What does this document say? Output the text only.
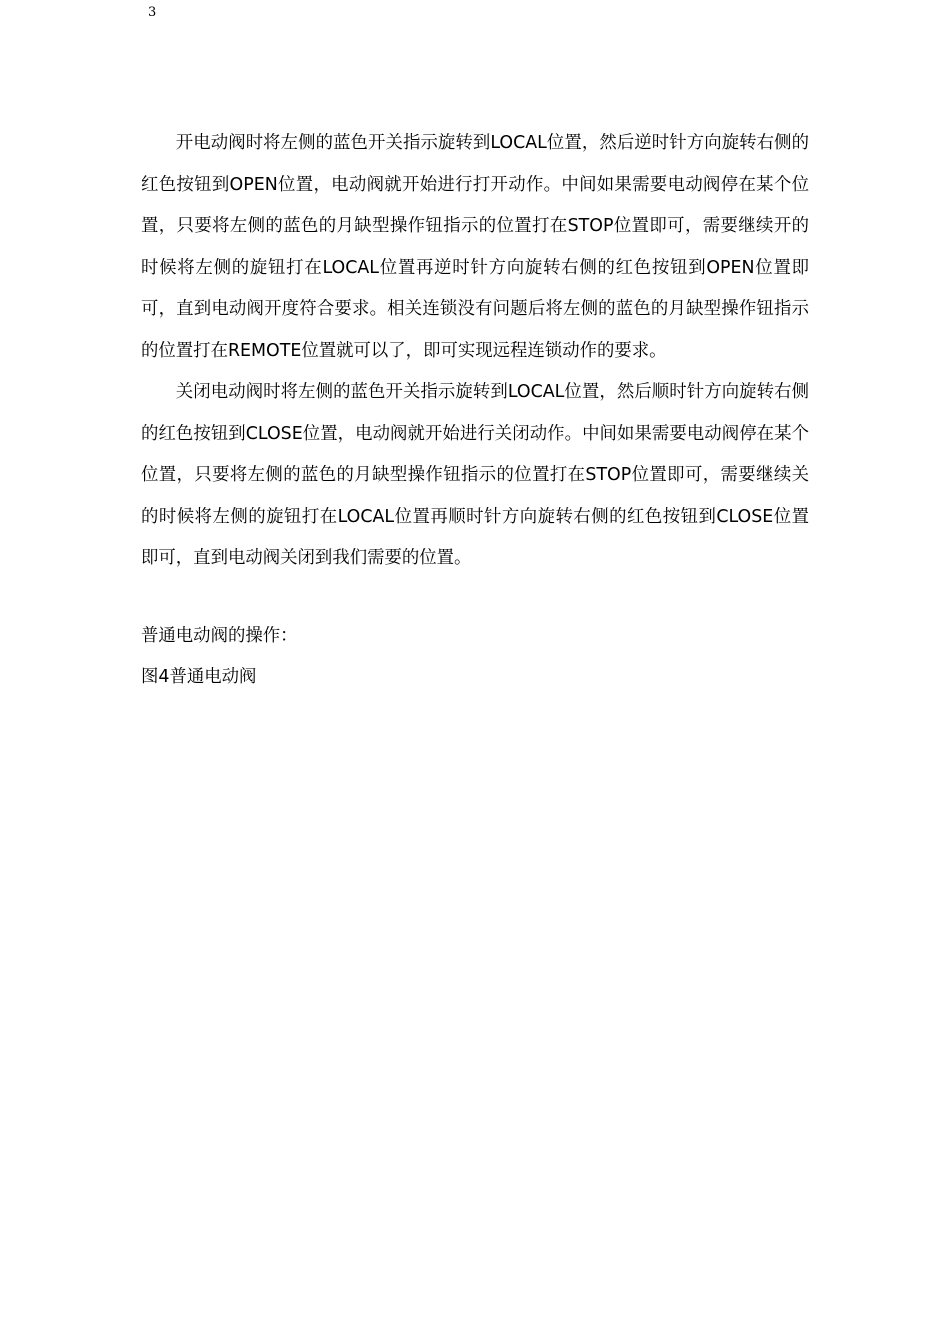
3

开电动阀时将左侧的蓝色开关指示旋转到LOCAL位置，然后逆时针方向旋转右侧的红色按钮到OPEN位置，电动阀就开始进行打开动作。中间如果需要电动阀停在某个位置，只要将左侧的蓝色的月缺型操作钮指示的位置打在STOP位置即可，需要继续开的时候将左侧的旋钮打在LOCAL位置再逆时针方向旋转右侧的红色按钮到OPEN位置即可，直到电动阀开度符合要求。相关连锁没有问题后将左侧的蓝色的月缺型操作钮指示的位置打在REMOTE位置就可以了，即可实现远程连锁动作的要求。

关闭电动阀时将左侧的蓝色开关指示旋转到LOCAL位置，然后顺时针方向旋转右侧的红色按钮到CLOSE位置，电动阀就开始进行关闭动作。中间如果需要电动阀停在某个位置，只要将左侧的蓝色的月缺型操作钮指示的位置打在STOP位置即可，需要继续关的时候将左侧的旋钮打在LOCAL位置再顺时针方向旋转右侧的红色按钮到CLOSE位置即可，直到电动阀关闭到我们需要的位置。

普通电动阀的操作：

图4普通电动阀
